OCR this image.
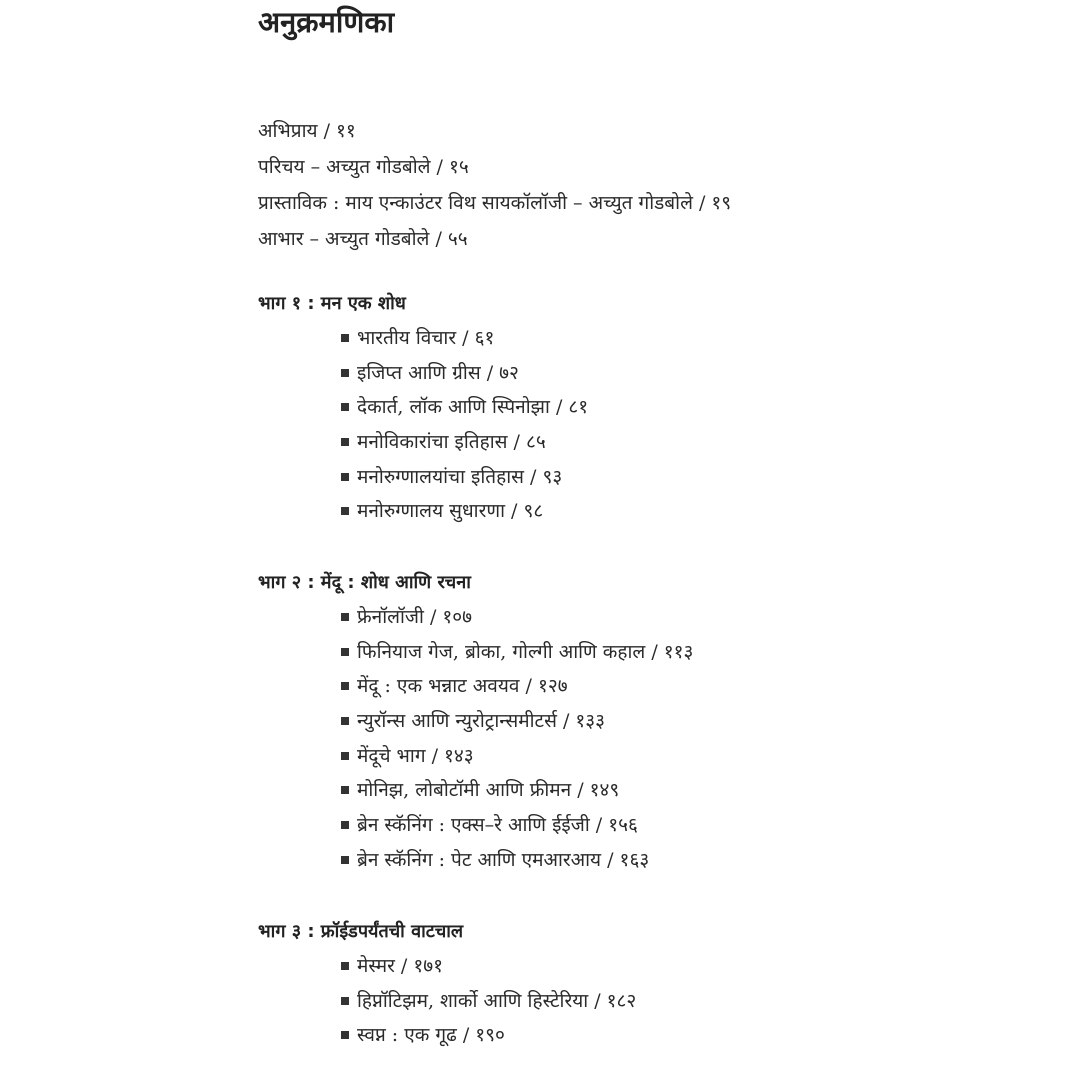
अनुक्रमणिका
अभिप्राय / ११
परिचय – अच्युत गोडबोले / १५
प्रास्ताविक : माय एन्काउंटर विथ सायकॉलॉजी – अच्युत गोडबोले / १९
आभार – अच्युत गोडबोले / ५५
भाग १ : मन एक शोध
भारतीय विचार / ६१
इजिप्त आणि ग्रीस / ७२
देकार्त, लॉक आणि स्पिनोझा / ८१
मनोविकारांचा इतिहास / ८५
मनोरुग्णालयांचा इतिहास / ९३
मनोरुग्णालय सुधारणा / ९८
भाग २ : मेंदू : शोध आणि रचना
फ्रेनॉलॉजी / १०७
फिनियाज गेज, ब्रोका, गोल्गी आणि कहाल / ११३
मेंदू : एक भन्नाट अवयव / १२७
न्युरॉन्स आणि न्युरोट्रान्समीटर्स / १३३
मेंदूचे भाग / १४३
मोनिझ, लोबोटॉमी आणि फ्रीमन / १४९
ब्रेन स्कॅनिंग : एक्स–रे आणि ईईजी / १५६
ब्रेन स्कॅनिंग : पेट आणि एमआरआय / १६३
भाग ३ : फ्रॉईडपर्यंतची वाटचाल
मेस्मर / १७१
हिप्नॉटिझम, शार्को आणि हिस्टेरिया / १८२
स्वप्न : एक गूढ / १९०
